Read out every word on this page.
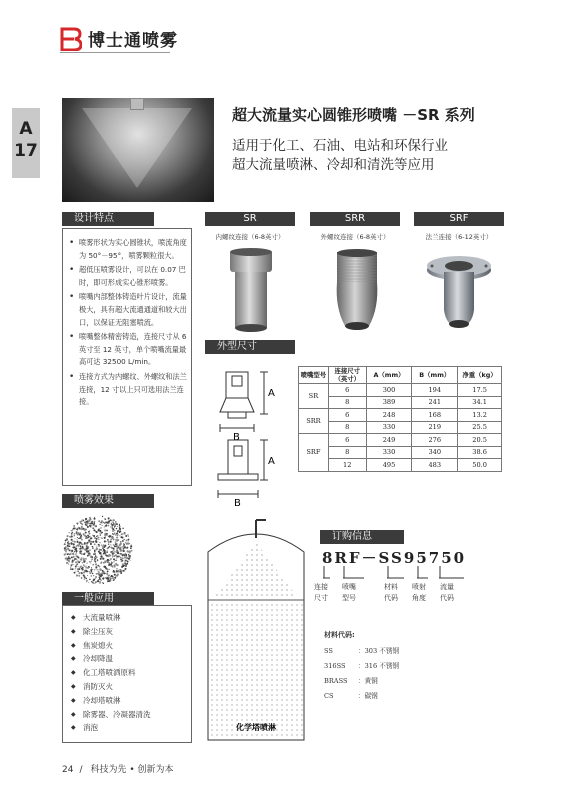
博士通喷雾
A
17
超大流量实心圆锥形喷嘴 －SR 系列
适用于化工、石油、电站和环保行业
超大流量喷淋、冷却和清洗等应用
设计特点
• 喷雾形状为实心圆锥状，喷流角度为 50°－95°，喷雾颗粒很大。
• 超低压喷雾设计，可以在 0.07 巴时，即可形成实心锥形喷雾。
• 喷嘴内部整体铸造叶片设计，流量极大，具有超大流通通道和较大出口，以保证无阻塞喷流。
• 喷嘴整体精密铸造，连接尺寸从 6 英寸至 12 英寸，单个喷嘴流量最高可达 32500 L/min。
• 连接方式为内螺纹、外螺纹和法兰连接，12 寸以上只可选用法兰连接。
SR	SRR	SRF
内螺纹连接（6-8英寸）	外螺纹连接（6-8英寸）	法兰连接（6-12英寸）
外型尺寸
A
B
A
B
喷嘴型号	连接尺寸（英寸）	A（mm）	B（mm）	净重（kg）
SR	6	300	194	17.5
	8	389	241	34.1
SRR	6	248	168	13.2
	8	330	219	25.5
SRF	6	249	276	20.5
	8	330	340	38.6
	12	495	483	50.0
喷雾效果
一般应用
◆ 大流量喷淋
◆ 除尘压灰
◆ 焦炭熄火
◆ 冷却降温
◆ 化工塔喷洒原料
◆ 消防灭火
◆ 冷却塔喷淋
◆ 除雾器、冷凝器清洗
◆ 消泡	化学塔喷淋
订购信息
8RF－SS95750
连接
尺寸
喷嘴
型号
材料
代码
喷射
角度
流量
代码
材料代码:
SS	：303 不锈钢
316SS ：316 不锈钢
BRASS ：黄铜
CS	：碳钢
24 / 科技为先 • 创新为本
